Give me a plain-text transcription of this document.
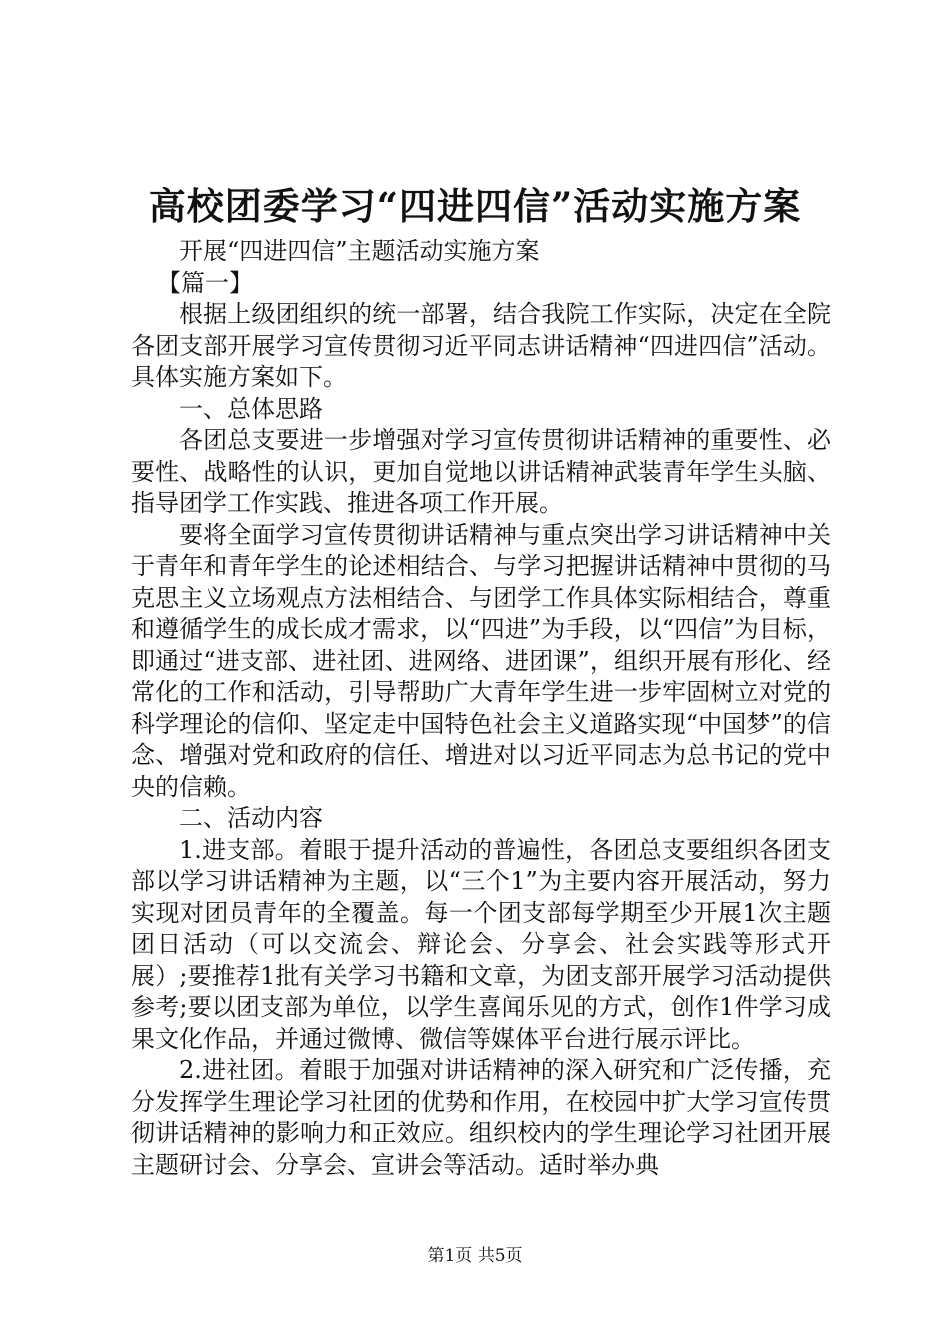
高校团委学习“四进四信”活动实施方案

开展“四进四信”主题活动实施方案

【篇一】

根据上级团组织的统一部署，结合我院工作实际，决定在全院各团支部开展学习宣传贯彻习近平同志讲话精神“四进四信”活动。具体实施方案如下。

一、总体思路

各团总支要进一步增强对学习宣传贯彻讲话精神的重要性、必要性、战略性的认识，更加自觉地以讲话精神武装青年学生头脑、指导团学工作实践、推进各项工作开展。

要将全面学习宣传贯彻讲话精神与重点突出学习讲话精神中关于青年和青年学生的论述相结合、与学习把握讲话精神中贯彻的马克思主义立场观点方法相结合、与团学工作具体实际相结合，尊重和遵循学生的成长成才需求，以“四进”为手段，以“四信”为目标，即通过“进支部、进社团、进网络、进团课”，组织开展有形化、经常化的工作和活动，引导帮助广大青年学生进一步牢固树立对党的科学理论的信仰、坚定走中国特色社会主义道路实现“中国梦”的信念、增强对党和政府的信任、增进对以习近平同志为总书记的党中央的信赖。

二、活动内容

1.进支部。着眼于提升活动的普遍性，各团总支要组织各团支部以学习讲话精神为主题，以“三个1”为主要内容开展活动，努力实现对团员青年的全覆盖。每一个团支部每学期至少开展1次主题团日活动（可以交流会、辩论会、分享会、社会实践等形式开展）;要推荐1批有关学习书籍和文章，为团支部开展学习活动提供参考;要以团支部为单位，以学生喜闻乐见的方式，创作1件学习成果文化作品，并通过微博、微信等媒体平台进行展示评比。

2.进社团。着眼于加强对讲话精神的深入研究和广泛传播，充分发挥学生理论学习社团的优势和作用，在校园中扩大学习宣传贯彻讲话精神的影响力和正效应。组织校内的学生理论学习社团开展主题研讨会、分享会、宣讲会等活动。适时举办典

第1页 共5页
